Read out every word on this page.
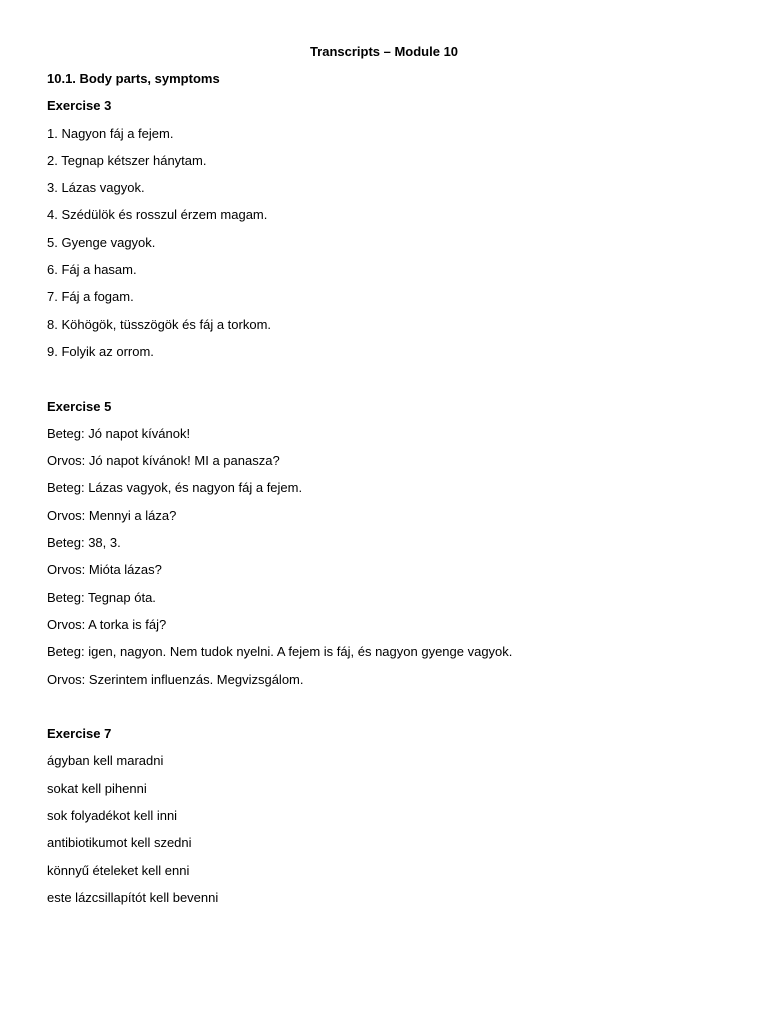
Transcripts – Module 10
10.1. Body parts, symptoms
Exercise 3
1. Nagyon fáj a fejem.
2. Tegnap kétszer hánytam.
3. Lázas vagyok.
4. Szédülök és rosszul érzem magam.
5. Gyenge vagyok.
6. Fáj a hasam.
7. Fáj a fogam.
8. Köhögök, tüsszögök és fáj a torkom.
9. Folyik az orrom.
Exercise 5
Beteg: Jó napot kívánok!
Orvos: Jó napot kívánok! MI a panasza?
Beteg: Lázas vagyok, és nagyon fáj a fejem.
Orvos: Mennyi a láza?
Beteg: 38, 3.
Orvos: Mióta lázas?
Beteg: Tegnap óta.
Orvos: A torka is fáj?
Beteg: igen, nagyon. Nem tudok nyelni. A fejem is fáj, és nagyon gyenge vagyok.
Orvos: Szerintem influenzás. Megvizsgálom.
Exercise 7
ágyban kell maradni
sokat kell pihenni
sok folyadékot kell inni
antibiotikumot kell szedni
könnyű ételeket kell enni
este lázcsillapítót kell bevenni
